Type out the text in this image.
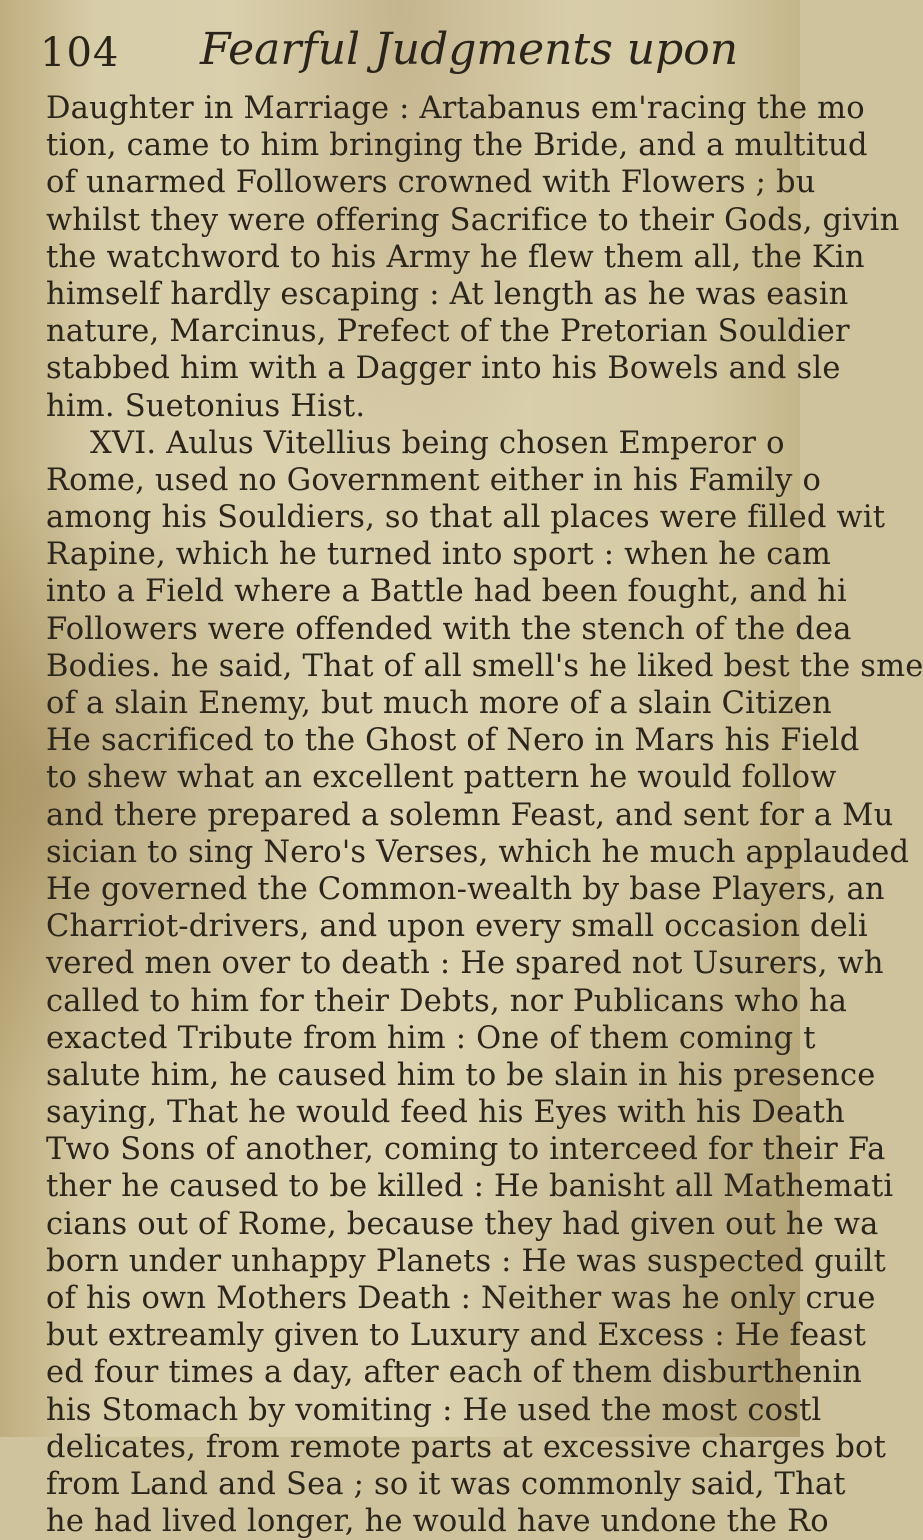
104 Fearful Judgments upon
Daughter in Marriage : Artabanus em'racing the mo
tion, came to him bringing the Bride, and a multitud
of unarmed Followers crowned with Flowers ; bu
whilst they were offering Sacrifice to their Gods, givin
the watchword to his Army he flew them all, the Kin
himself hardly escaping : At length as he was easin
nature, Marcinus, Prefect of the Pretorian Souldier
stabbed him with a Dagger into his Bowels and sle
him. Suetonius Hist.
XVI. Aulus Vitellius being chosen Emperor o
Rome, used no Government either in his Family o
among his Souldiers, so that all places were filled wit
Rapine, which he turned into sport : when he cam
into a Field where a Battle had been fought, and hi
Followers were offended with the stench of the dea
Bodies. he said, That of all smell's he liked best the sme
of a slain Enemy, but much more of a slain Citizen
He sacrificed to the Ghost of Nero in Mars his Field
to shew what an excellent pattern he would follow
and there prepared a solemn Feast, and sent for a Mu
sician to sing Nero's Verses, which he much applauded
He governed the Common-wealth by base Players, an
Charriot-drivers, and upon every small occasion deli
vered men over to death : He spared not Usurers, wh
called to him for their Debts, nor Publicans who ha
exacted Tribute from him : One of them coming t
salute him, he caused him to be slain in his presence
saying, That he would feed his Eyes with his Death
Two Sons of another, coming to interceed for their Fa
ther he caused to be killed : He banisht all Mathemati
cians out of Rome, because they had given out he wa
born under unhappy Planets : He was suspected guilt
of his own Mothers Death : Neither was he only crue
but extreamly given to Luxury and Excess : He feast
ed four times a day, after each of them disburthenin
his Stomach by vomiting : He used the most costl
delicates, from remote parts at excessive charges bot
from Land and Sea ; so it was commonly said, That
he had lived longer, he would have undone the Ro
